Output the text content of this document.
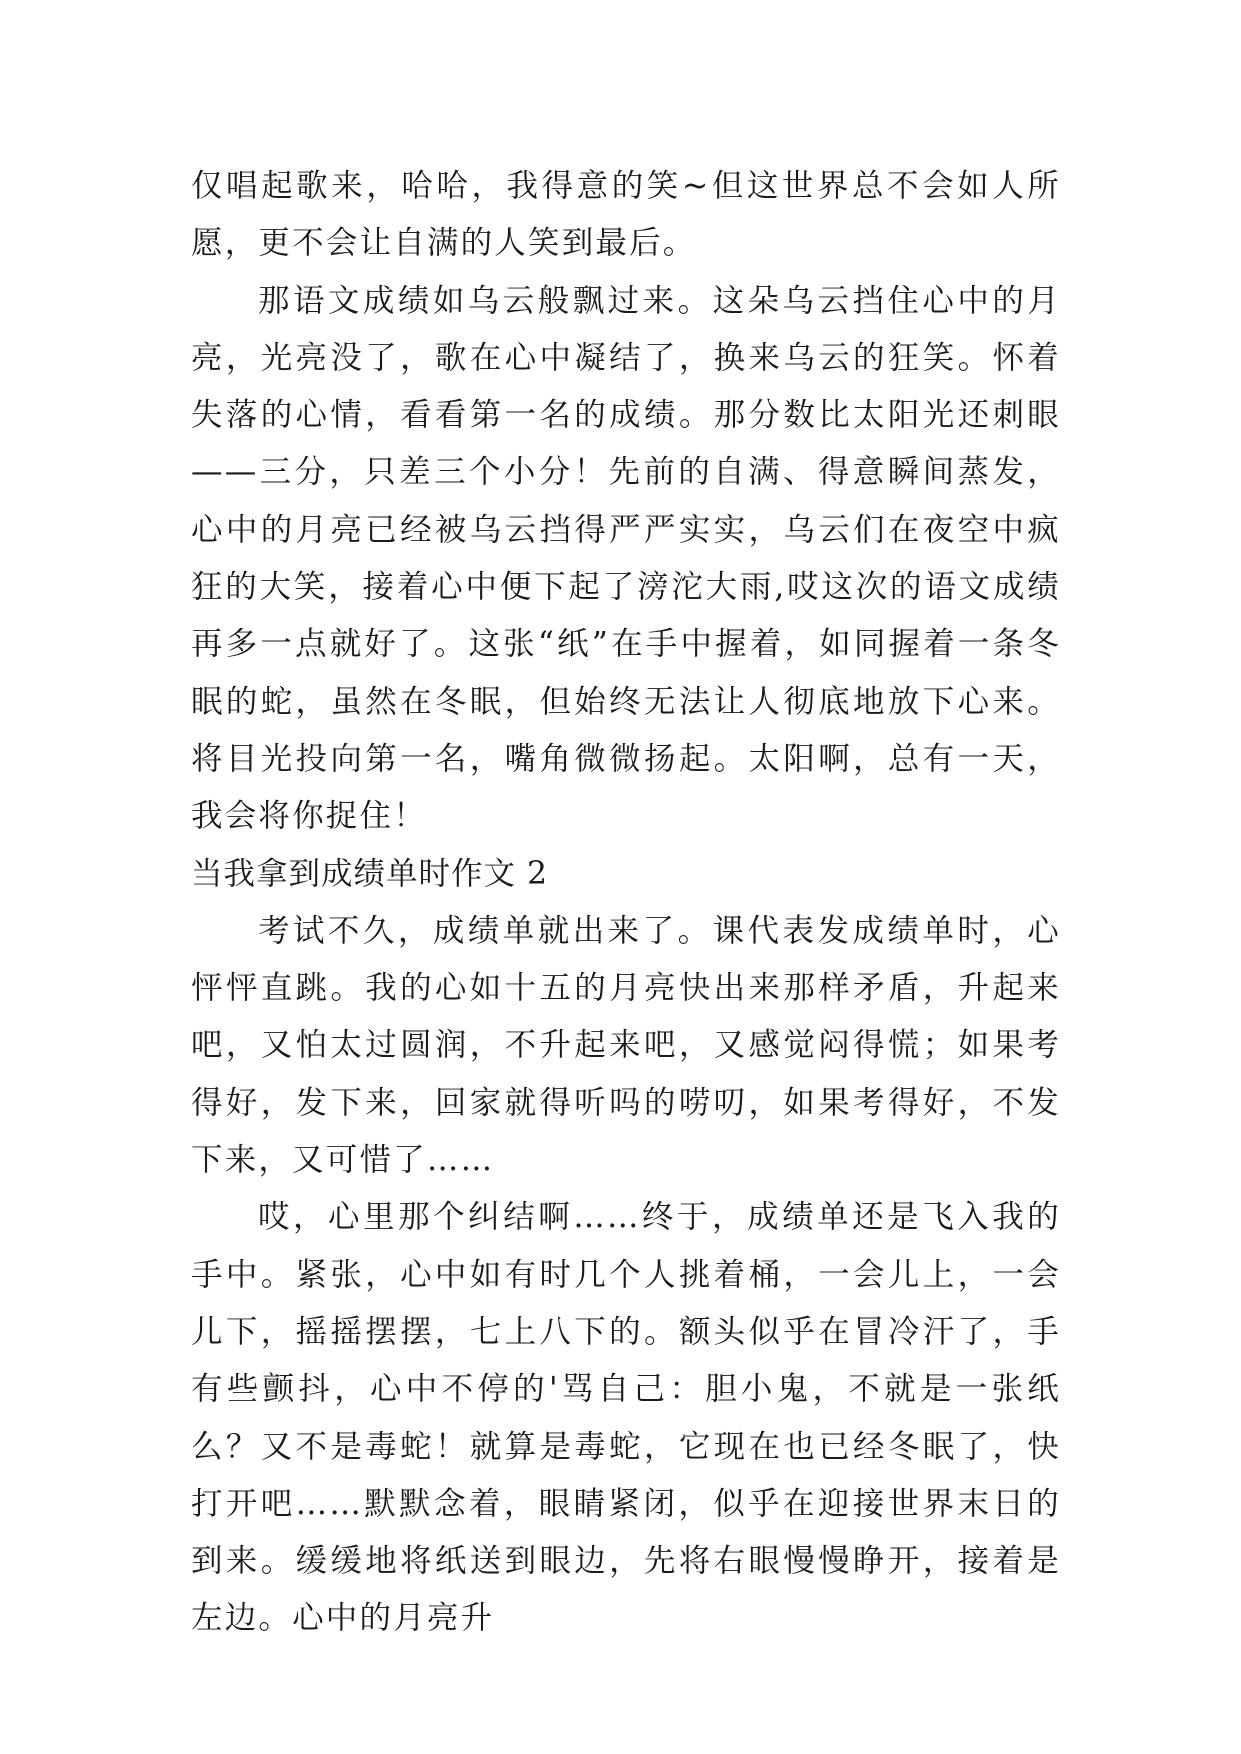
仅唱起歌来，哈哈，我得意的笑~但这世界总不会如人所愿，更不会让自满的人笑到最后。

那语文成绩如乌云般飘过来。这朵乌云挡住心中的月亮，光亮没了，歌在心中凝结了，换来乌云的狂笑。怀着失落的心情，看看第一名的成绩。那分数比太阳光还刺眼——三分，只差三个小分！先前的自满、得意瞬间蒸发，心中的月亮已经被乌云挡得严严实实，乌云们在夜空中疯狂的大笑，接着心中便下起了滂沱大雨,哎这次的语文成绩再多一点就好了。这张“纸”在手中握着，如同握着一条冬眠的蛇，虽然在冬眠，但始终无法让人彻底地放下心来。将目光投向第一名，嘴角微微扬起。太阳啊，总有一天，我会将你捉住！

当我拿到成绩单时作文 2

考试不久，成绩单就出来了。课代表发成绩单时，心怦怦直跳。我的心如十五的月亮快出来那样矛盾，升起来吧，又怕太过圆润，不升起来吧，又感觉闷得慌；如果考得好，发下来，回家就得听吗的唠叨，如果考得好，不发下来，又可惜了……

哎，心里那个纠结啊……终于，成绩单还是飞入我的手中。紧张，心中如有时几个人挑着桶，一会儿上，一会儿下，摇摇摆摆，七上八下的。额头似乎在冒冷汗了，手有些颤抖，心中不停的'骂自己：胆小鬼，不就是一张纸么？又不是毒蛇！就算是毒蛇，它现在也已经冬眠了，快打开吧……默默念着，眼睛紧闭，似乎在迎接世界末日的到来。缓缓地将纸送到眼边，先将右眼慢慢睁开，接着是左边。心中的月亮升
